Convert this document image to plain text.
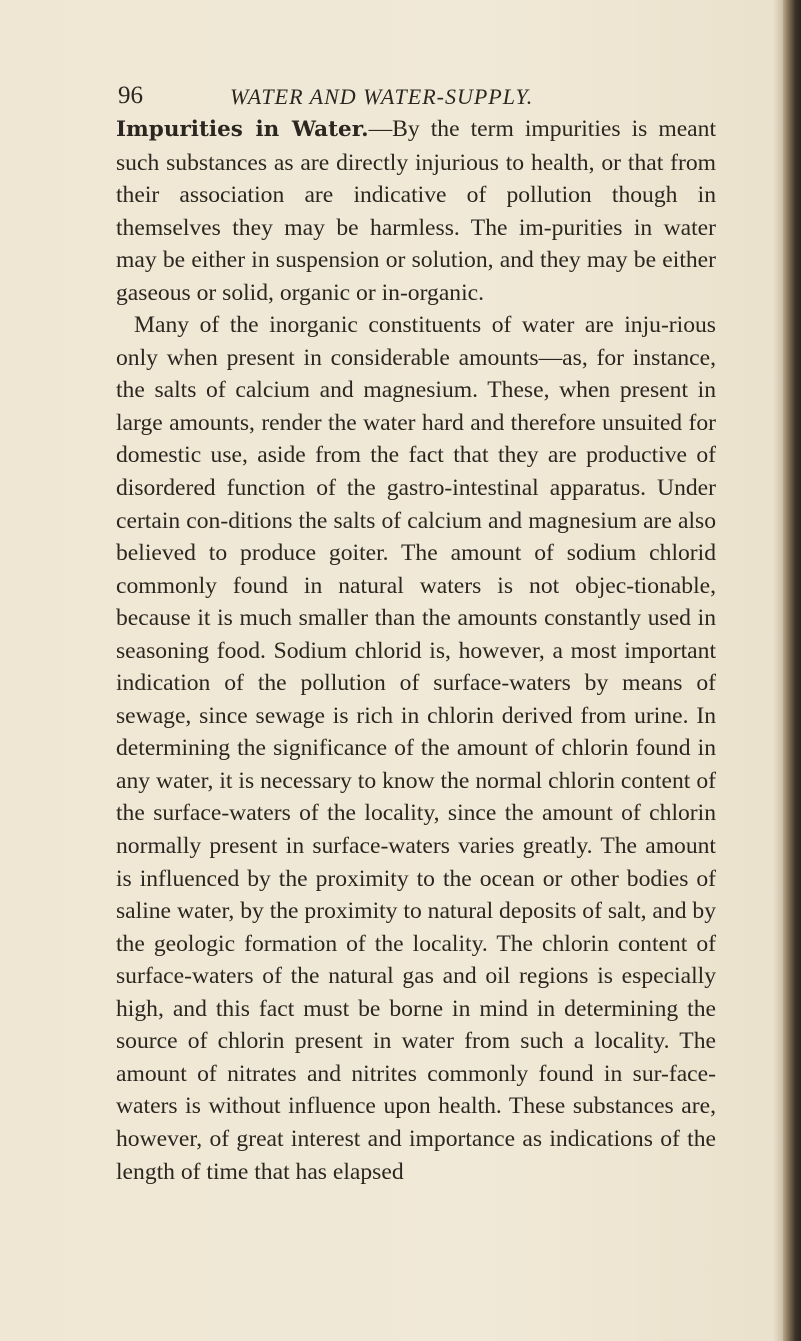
96	WATER AND WATER-SUPPLY.

Impurities in Water.—By the term impurities is meant such substances as are directly injurious to health, or that from their association are indicative of pollution though in themselves they may be harmless. The im-purities in water may be either in suspension or solution, and they may be either gaseous or solid, organic or in-organic.

Many of the inorganic constituents of water are inju-rious only when present in considerable amounts—as, for instance, the salts of calcium and magnesium. These, when present in large amounts, render the water hard and therefore unsuited for domestic use, aside from the fact that they are productive of disordered function of the gastro-intestinal apparatus. Under certain con-ditions the salts of calcium and magnesium are also believed to produce goiter. The amount of sodium chlorid commonly found in natural waters is not objec-tionable, because it is much smaller than the amounts constantly used in seasoning food. Sodium chlorid is, however, a most important indication of the pollution of surface-waters by means of sewage, since sewage is rich in chlorin derived from urine. In determining the significance of the amount of chlorin found in any water, it is necessary to know the normal chlorin content of the surface-waters of the locality, since the amount of chlorin normally present in surface-waters varies greatly. The amount is influenced by the proximity to the ocean or other bodies of saline water, by the proximity to natural deposits of salt, and by the geologic formation of the locality. The chlorin content of surface-waters of the natural gas and oil regions is especially high, and this fact must be borne in mind in determining the source of chlorin present in water from such a locality. The amount of nitrates and nitrites commonly found in sur-face-waters is without influence upon health. These substances are, however, of great interest and importance as indications of the length of time that has elapsed
